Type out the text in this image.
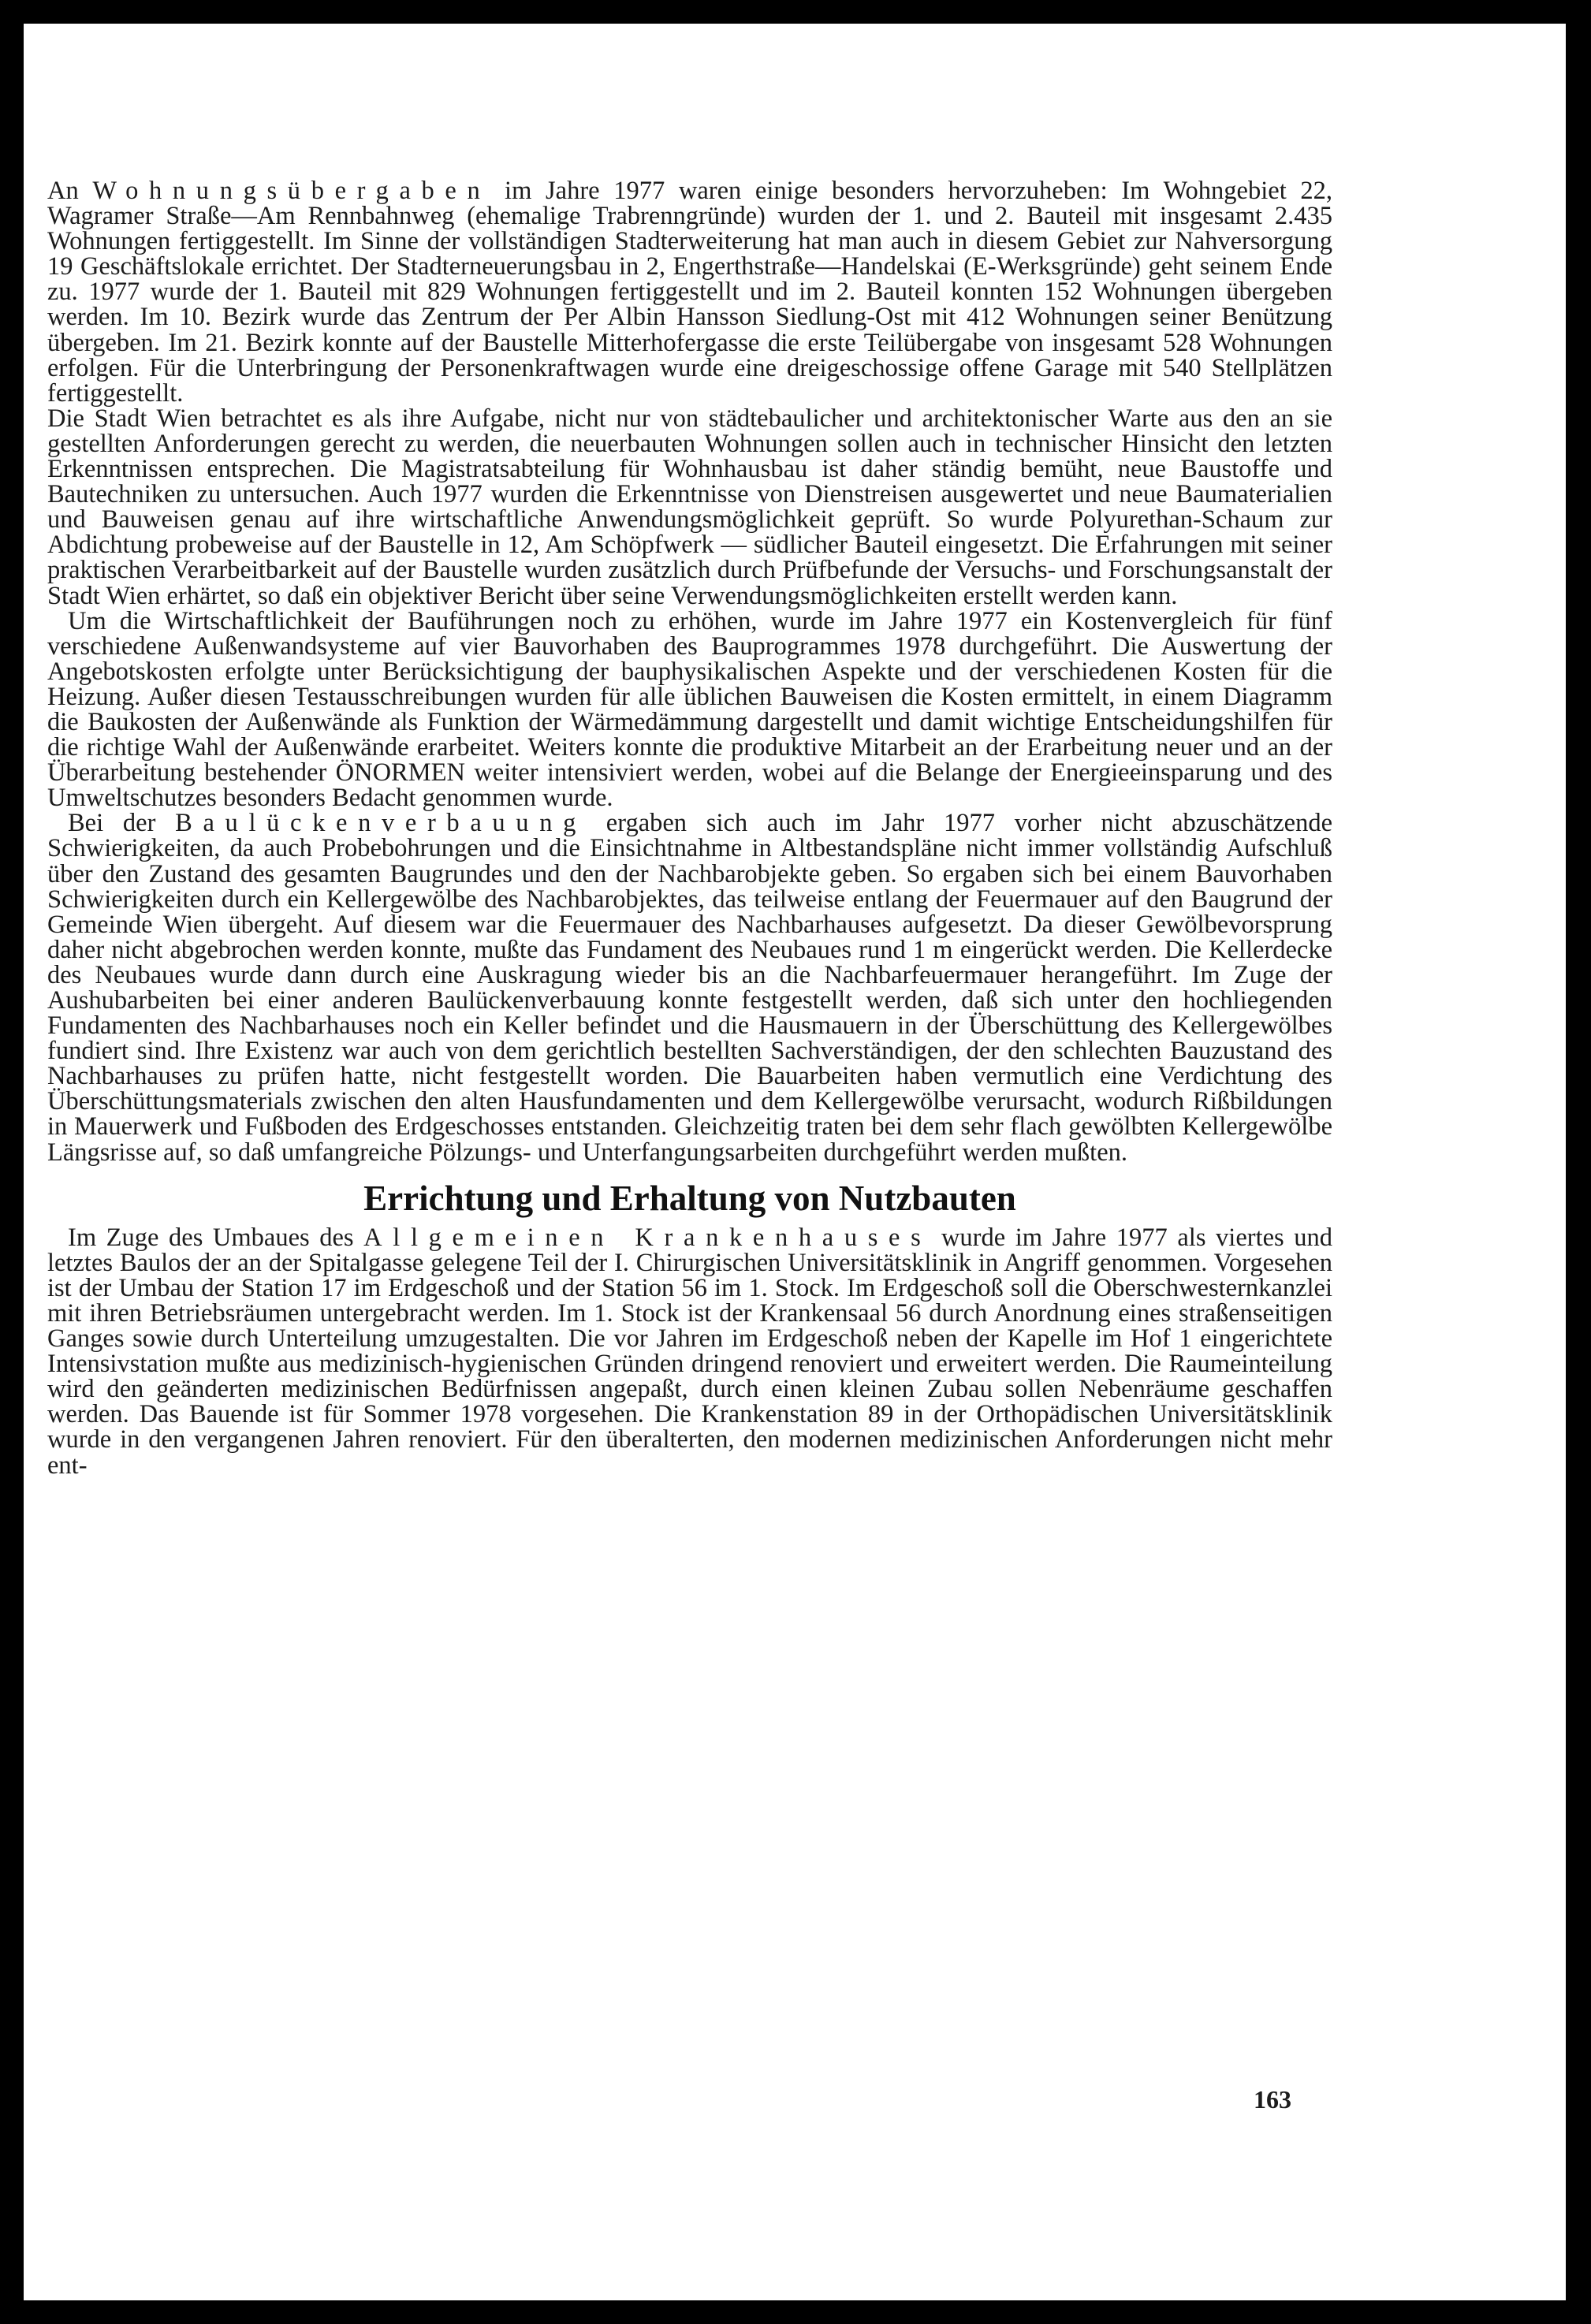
An Wohnungsübergaben im Jahre 1977 waren einige besonders hervorzuheben: Im Wohngebiet 22, Wagramer Straße—Am Rennbahnweg (ehemalige Trabrenngründe) wurden der 1. und 2. Bauteil mit insgesamt 2.435 Wohnungen fertiggestellt. Im Sinne der vollständigen Stadterweiterung hat man auch in diesem Gebiet zur Nahversorgung 19 Geschäftslokale errichtet. Der Stadterneuerungsbau in 2, Engerthstraße—Handelskai (E-Werksgründe) geht seinem Ende zu. 1977 wurde der 1. Bauteil mit 829 Wohnungen fertiggestellt und im 2. Bauteil konnten 152 Wohnungen übergeben werden. Im 10. Bezirk wurde das Zentrum der Per Albin Hansson Siedlung-Ost mit 412 Wohnungen seiner Benützung übergeben. Im 21. Bezirk konnte auf der Baustelle Mitterhofergasse die erste Teilübergabe von insgesamt 528 Wohnungen erfolgen. Für die Unterbringung der Personenkraftwagen wurde eine dreigeschossige offene Garage mit 540 Stellplätzen fertiggestellt.

Die Stadt Wien betrachtet es als ihre Aufgabe, nicht nur von städtebaulicher und architektonischer Warte aus den an sie gestellten Anforderungen gerecht zu werden, die neuerbauten Wohnungen sollen auch in technischer Hinsicht den letzten Erkenntnissen entsprechen. Die Magistratsabteilung für Wohnhausbau ist daher ständig bemüht, neue Baustoffe und Bautechniken zu untersuchen. Auch 1977 wurden die Erkenntnisse von Dienstreisen ausgewertet und neue Baumaterialien und Bauweisen genau auf ihre wirtschaftliche Anwendungsmöglichkeit geprüft. So wurde Polyurethan-Schaum zur Abdichtung probeweise auf der Baustelle in 12, Am Schöpfwerk — südlicher Bauteil eingesetzt. Die Erfahrungen mit seiner praktischen Verarbeitbarkeit auf der Baustelle wurden zusätzlich durch Prüfbefunde der Versuchs- und Forschungsanstalt der Stadt Wien erhärtet, so daß ein objektiver Bericht über seine Verwendungsmöglichkeiten erstellt werden kann.

Um die Wirtschaftlichkeit der Bauführungen noch zu erhöhen, wurde im Jahre 1977 ein Kostenvergleich für fünf verschiedene Außenwandsysteme auf vier Bauvorhaben des Bauprogrammes 1978 durchgeführt. Die Auswertung der Angebotskosten erfolgte unter Berücksichtigung der bauphysikalischen Aspekte und der verschiedenen Kosten für die Heizung. Außer diesen Testausschreibungen wurden für alle üblichen Bauweisen die Kosten ermittelt, in einem Diagramm die Baukosten der Außenwände als Funktion der Wärmedämmung dargestellt und damit wichtige Entscheidungshilfen für die richtige Wahl der Außenwände erarbeitet. Weiters konnte die produktive Mitarbeit an der Erarbeitung neuer und an der Überarbeitung bestehender ÖNORMEN weiter intensiviert werden, wobei auf die Belange der Energieeinsparung und des Umweltschutzes besonders Bedacht genommen wurde.

Bei der Baulückenverbauung ergaben sich auch im Jahr 1977 vorher nicht abzuschätzende Schwierigkeiten, da auch Probebohrungen und die Einsichtnahme in Altbestandspläne nicht immer vollständig Aufschluß über den Zustand des gesamten Baugrundes und den der Nachbarobjekte geben. So ergaben sich bei einem Bauvorhaben Schwierigkeiten durch ein Kellergewölbe des Nachbarobjektes, das teilweise entlang der Feuermauer auf den Baugrund der Gemeinde Wien übergeht. Auf diesem war die Feuermauer des Nachbarhauses aufgesetzt. Da dieser Gewölbevorsprung daher nicht abgebrochen werden konnte, mußte das Fundament des Neubaues rund 1 m eingerückt werden. Die Kellerdecke des Neubaues wurde dann durch eine Auskragung wieder bis an die Nachbarfeuermauer herangeführt. Im Zuge der Aushubarbeiten bei einer anderen Baulückenverbauung konnte festgestellt werden, daß sich unter den hochliegenden Fundamenten des Nachbarhauses noch ein Keller befindet und die Hausmauern in der Überschüttung des Kellergewölbes fundiert sind. Ihre Existenz war auch von dem gerichtlich bestellten Sachverständigen, der den schlechten Bauzustand des Nachbarhauses zu prüfen hatte, nicht festgestellt worden. Die Bauarbeiten haben vermutlich eine Verdichtung des Überschüttungsmaterials zwischen den alten Hausfundamenten und dem Kellergewölbe verursacht, wodurch Rißbildungen in Mauerwerk und Fußboden des Erdgeschosses entstanden. Gleichzeitig traten bei dem sehr flach gewölbten Kellergewölbe Längsrisse auf, so daß umfangreiche Pölzungs- und Unterfangungsarbeiten durchgeführt werden mußten.

Errichtung und Erhaltung von Nutzbauten

Im Zuge des Umbaues des Allgemeinen Krankenhauses wurde im Jahre 1977 als viertes und letztes Baulos der an der Spitalgasse gelegene Teil der I. Chirurgischen Universitätsklinik in Angriff genommen. Vorgesehen ist der Umbau der Station 17 im Erdgeschoß und der Station 56 im 1. Stock. Im Erdgeschoß soll die Oberschwesternkanzlei mit ihren Betriebsräumen untergebracht werden. Im 1. Stock ist der Krankensaal 56 durch Anordnung eines straßenseitigen Ganges sowie durch Unterteilung umzugestalten. Die vor Jahren im Erdgeschoß neben der Kapelle im Hof 1 eingerichtete Intensivstation mußte aus medizinisch-hygienischen Gründen dringend renoviert und erweitert werden. Die Raumeinteilung wird den geänderten medizinischen Bedürfnissen angepaßt, durch einen kleinen Zubau sollen Nebenräume geschaffen werden. Das Bauende ist für Sommer 1978 vorgesehen. Die Krankenstation 89 in der Orthopädischen Universitätsklinik wurde in den vergangenen Jahren renoviert. Für den überalterten, den modernen medizinischen Anforderungen nicht mehr ent-

163
